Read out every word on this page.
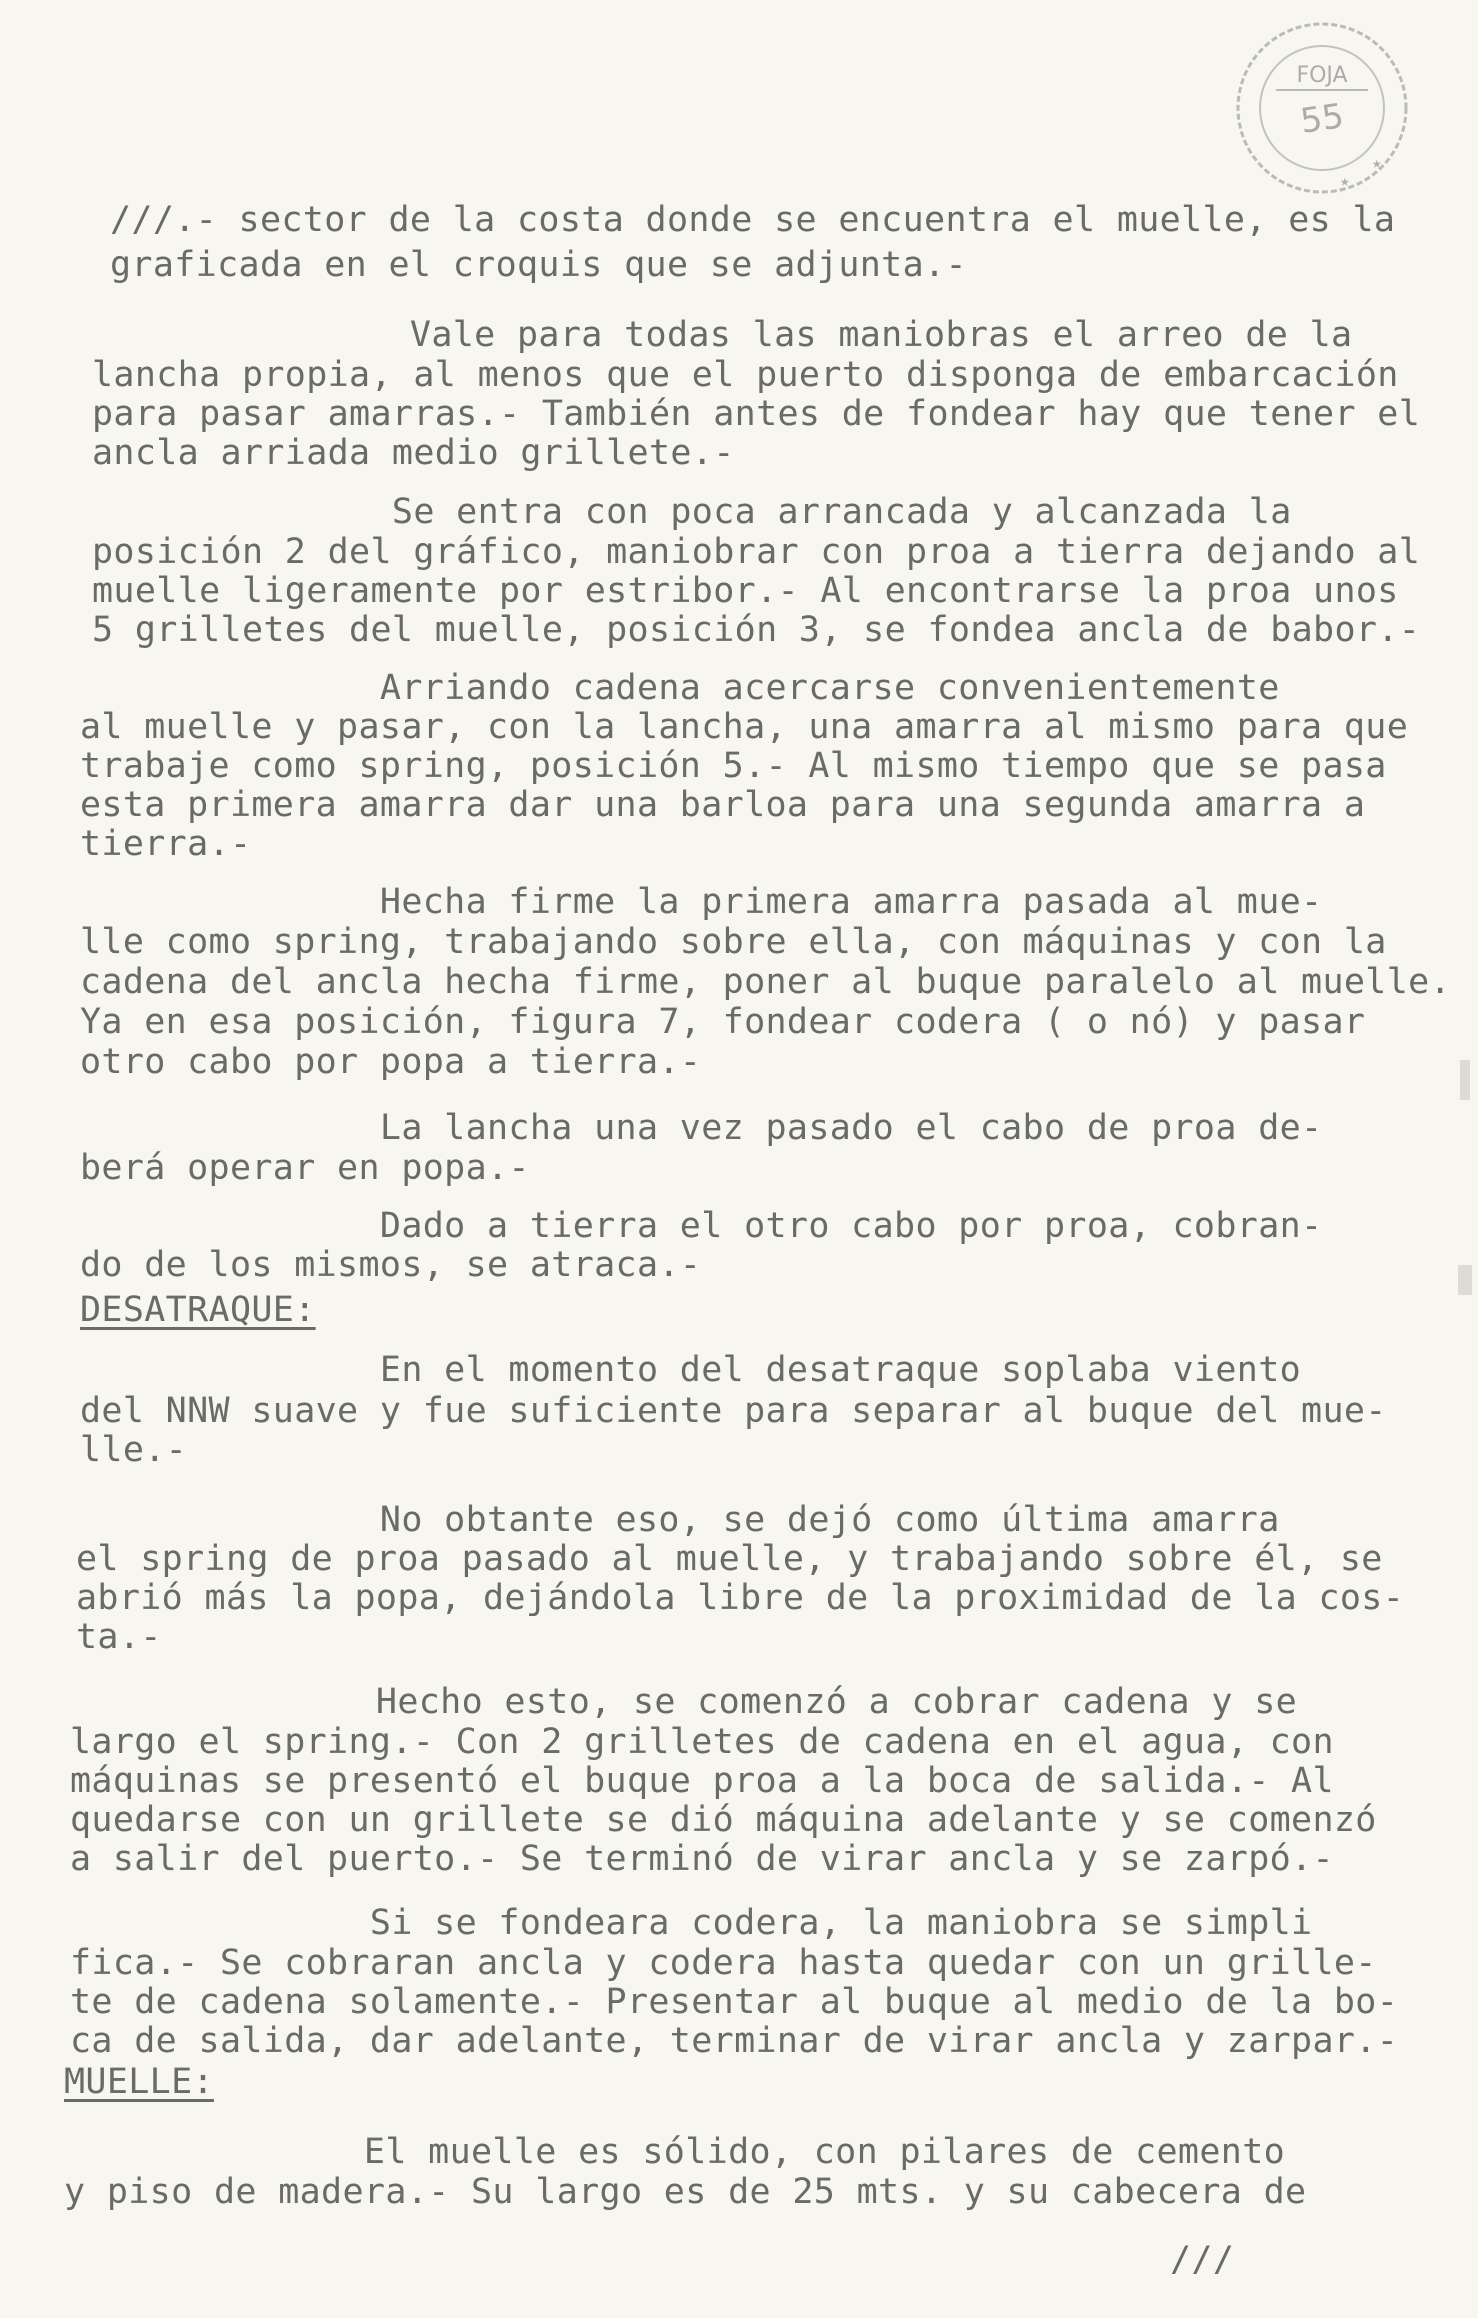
FOJA
55
★
★
///.- sector de la costa donde se encuentra el muelle, es la
graficada en el croquis que se adjunta.-
Vale para todas las maniobras el arreo de la
lancha propia, al menos que el puerto disponga de embarcación
para pasar amarras.- También antes de fondear hay que tener el
ancla arriada medio grillete.-
Se entra con poca arrancada y alcanzada la
posición 2 del gráfico, maniobrar con proa a tierra dejando al
muelle ligeramente por estribor.- Al encontrarse la proa unos
5 grilletes del muelle, posición 3, se fondea ancla de babor.-
Arriando cadena acercarse convenientemente
al muelle y pasar, con la lancha, una amarra al mismo para que
trabaje como spring, posición 5.- Al mismo tiempo que se pasa
esta primera amarra dar una barloa para una segunda amarra a
tierra.-
Hecha firme la primera amarra pasada al mue-
lle como spring, trabajando sobre ella, con máquinas y con la
cadena del ancla hecha firme, poner al buque paralelo al muelle.
Ya en esa posición, figura 7, fondear codera ( o nó) y pasar
otro cabo por popa a tierra.-
La lancha una vez pasado el cabo de proa de-
berá operar en popa.-
Dado a tierra el otro cabo por proa, cobran-
do de los mismos, se atraca.-
DESATRAQUE:
En el momento del desatraque soplaba viento
del NNW suave y fue suficiente para separar al buque del mue-
lle.-
No obtante eso, se dejó como última amarra
el spring de proa pasado al muelle, y trabajando sobre él, se
abrió más la popa, dejándola libre de la proximidad de la cos-
ta.-
Hecho esto, se comenzó a cobrar cadena y se
largo el spring.- Con 2 grilletes de cadena en el agua, con
máquinas se presentó el buque proa a la boca de salida.- Al
quedarse con un grillete se dió máquina adelante y se comenzó
a salir del puerto.- Se terminó de virar ancla y se zarpó.-
Si se fondeara codera, la maniobra se simpli
fica.- Se cobraran ancla y codera hasta quedar con un grille-
te de cadena solamente.- Presentar al buque al medio de la bo-
ca de salida, dar adelante, terminar de virar ancla y zarpar.-
MUELLE:
El muelle es sólido, con pilares de cemento
y piso de madera.- Su largo es de 25 mts. y su cabecera de
///
